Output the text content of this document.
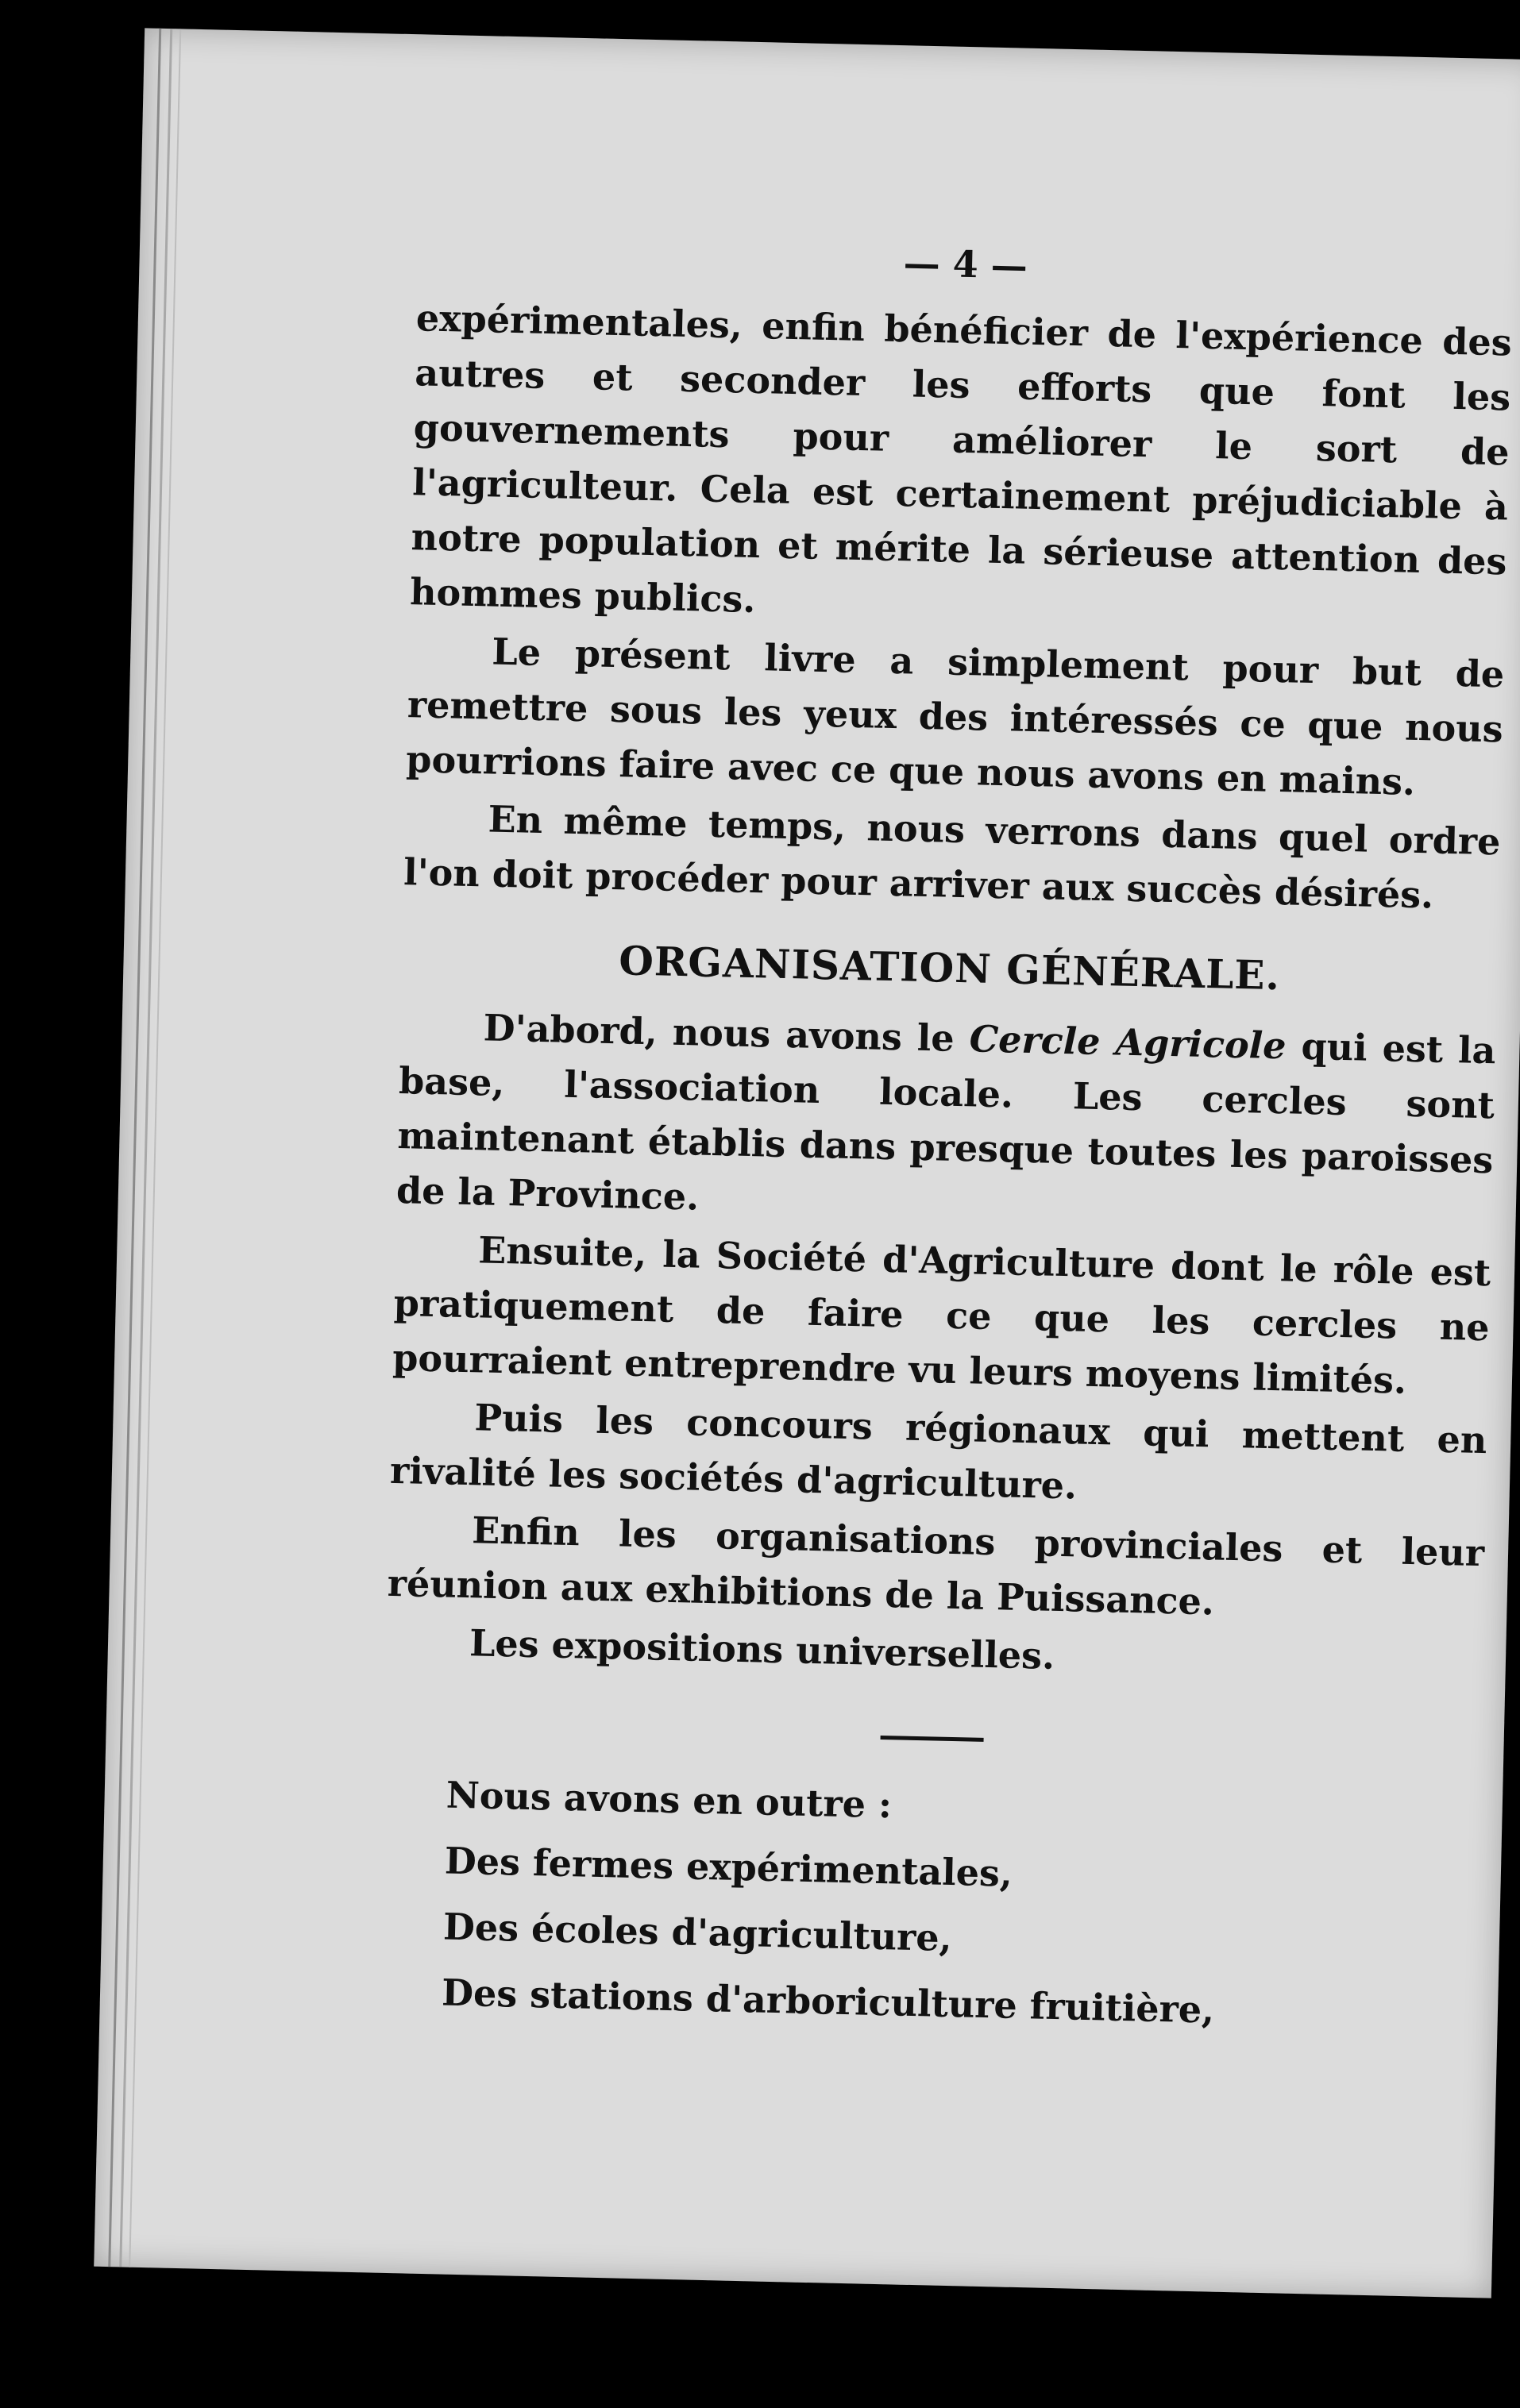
— 4 —

expérimentales, enfin bénéficier de l'expérience des autres et seconder les efforts que font les gouvernements pour améliorer le sort de l'agriculteur. Cela est certainement préjudiciable à notre population et mérite la sérieuse attention des hommes publics.

Le présent livre a simplement pour but de remettre sous les yeux des intéressés ce que nous pourrions faire avec ce que nous avons en mains.

En même temps, nous verrons dans quel ordre l'on doit procéder pour arriver aux succès désirés.

ORGANISATION GÉNÉRALE.

D'abord, nous avons le Cercle Agricole qui est la base, l'association locale. Les cercles sont maintenant établis dans presque toutes les paroisses de la Province.

Ensuite, la Société d'Agriculture dont le rôle est pratiquement de faire ce que les cercles ne pourraient entreprendre vu leurs moyens limités.

Puis les concours régionaux qui mettent en rivalité les sociétés d'agriculture.

Enfin les organisations provinciales et leur réunion aux exhibitions de la Puissance.

Les expositions universelles.

Nous avons en outre :

Des fermes expérimentales,

Des écoles d'agriculture,

Des stations d'arboriculture fruitière,
